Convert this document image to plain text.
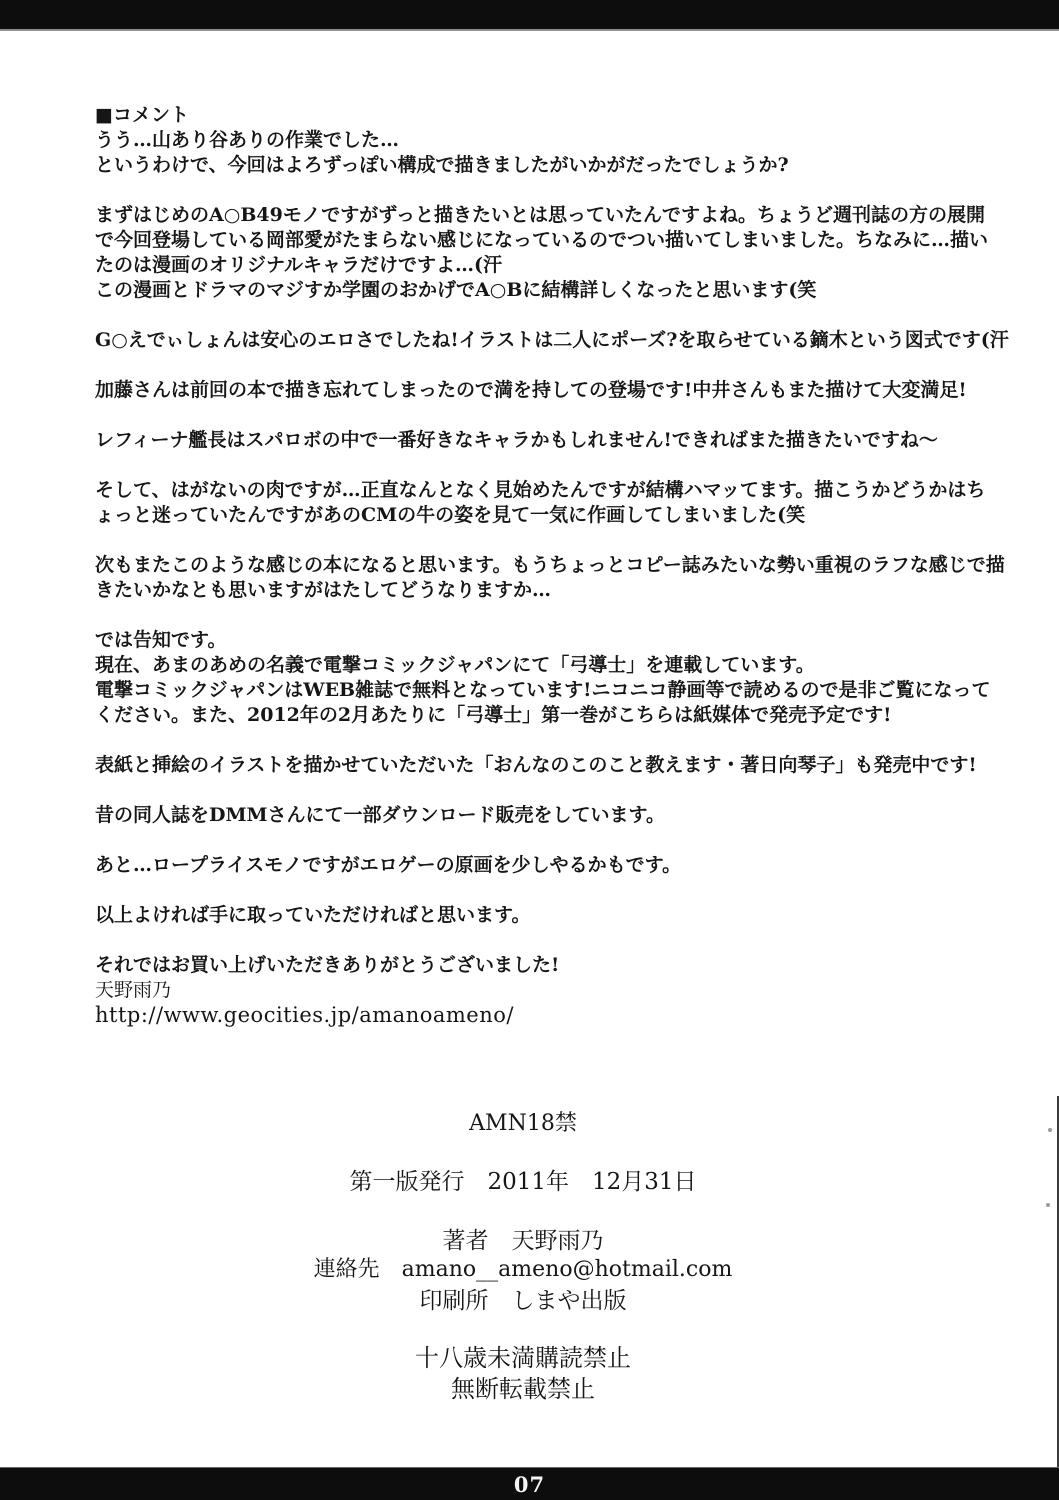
■コメント
うう…山あり谷ありの作業でした…
というわけで、今回はよろずっぽい構成で描きましたがいかがだったでしょうか?
まずはじめのA○B49モノですがずっと描きたいとは思っていたんですよね。ちょうど週刊誌の方の展開
で今回登場している岡部愛がたまらない感じになっているのでつい描いてしまいました。ちなみに…描い
たのは漫画のオリジナルキャラだけですよ…(汗
この漫画とドラマのマジすか学園のおかげでA○Bに結構詳しくなったと思います(笑
G○えでぃしょんは安心のエロさでしたね!イラストは二人にポーズ?を取らせている鏑木という図式です(汗
加藤さんは前回の本で描き忘れてしまったので満を持しての登場です!中井さんもまた描けて大変満足!
レフィーナ艦長はスパロボの中で一番好きなキャラかもしれません!できればまた描きたいですね～
そして、はがないの肉ですが…正直なんとなく見始めたんですが結構ハマッてます。描こうかどうかはち
ょっと迷っていたんですがあのCMの牛の姿を見て一気に作画してしまいました(笑
次もまたこのような感じの本になると思います。もうちょっとコピー誌みたいな勢い重視のラフな感じで描
きたいかなとも思いますがはたしてどうなりますか…
では告知です。
現在、あまのあめの名義で電撃コミックジャパンにて「弓導士」を連載しています。
電撃コミックジャパンはWEB雑誌で無料となっています!ニコニコ静画等で読めるので是非ご覧になって
ください。また、2012年の2月あたりに「弓導士」第一巻がこちらは紙媒体で発売予定です!
表紙と挿絵のイラストを描かせていただいた「おんなのこのこと教えます・著日向琴子」も発売中です!
昔の同人誌をDMMさんにて一部ダウンロード販売をしています。
あと…ロープライスモノですがエロゲーの原画を少しやるかもです。
以上よければ手に取っていただければと思います。
それではお買い上げいただきありがとうございました!
天野雨乃
http://www.geocities.jp/amanoameno/
AMN18禁
第一版発行　2011年　12月31日
著者　天野雨乃
連絡先　amano__ameno@hotmail.com
印刷所　しまや出版
十八歳未満購読禁止
無断転載禁止
07
